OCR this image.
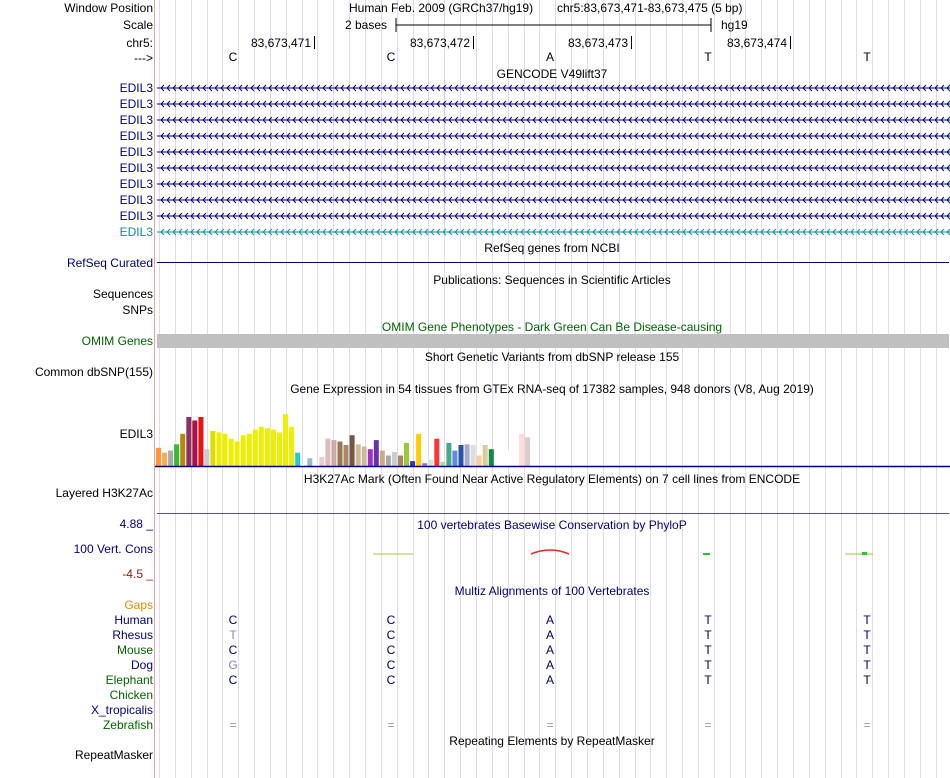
Window Position
Scale
chr5:
--->
Human Feb. 2009 (GRCh37/hg19) chr5:83,673,471-83,673,475 (5 bp)
2 bases	hg19
83,673,471	83,673,472	83,673,473	83,673,474
C	C	A	T	T
GENCODE V49lift37
EDIL3
EDIL3
EDIL3
EDIL3
EDIL3
EDIL3
EDIL3
EDIL3
EDIL3
EDIL3
RefSeq genes from NCBI
RefSeq Curated
Publications: Sequences in Scientific Articles
Sequences
SNPs
OMIM Gene Phenotypes - Dark Green Can Be Disease-causing
OMIM Genes
Short Genetic Variants from dbSNP release 155
Common dbSNP(155)
Gene Expression in 54 tissues from GTEx RNA-seq of 17382 samples, 948 donors (V8, Aug 2019)
EDIL3
H3K27Ac Mark (Often Found Near Active Regulatory Elements) on 7 cell lines from ENCODE
Layered H3K27Ac
100 vertebrates Basewise Conservation by PhyloP
4.88 _
100 Vert. Cons
-4.5 _
Multiz Alignments of 100 Vertebrates
Gaps
Human	C	C	A	T	T
Rhesus	T	C	A	T	T
Mouse	C	C	A	T	T
Dog	G	C	A	T	T
Elephant	C	C	A	T	T
Chicken
X_tropicalis
Zebrafish	=	=	=	=	=
Repeating Elements by RepeatMasker
RepeatMasker
